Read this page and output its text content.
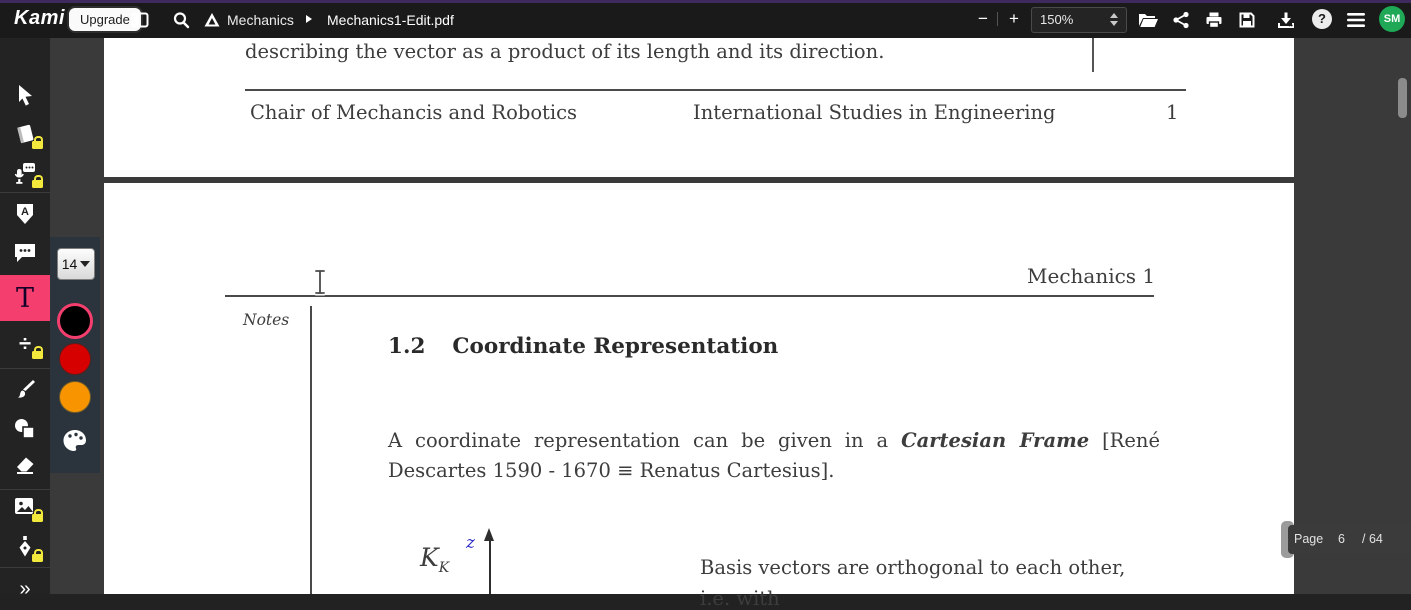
describing the vector as a product of its length and its direction.
Chair of Mechancis and Robotics	International Studies in Engineering	1
Mechanics 1
Notes
1.2 Coordinate Representation
A coordinate representation can be given in a Cartesian Frame [René
Descartes 1590 - 1670 ≡ Renatus Cartesius].
$K_K$
z
Basis vectors are orthogonal to each other,
i.e. with
Kami	Upgrade	Mechanics Mechanics1-Edit.pdf	− + 150%	?	SM
A
T
÷
»
14
Page 6 / 64
